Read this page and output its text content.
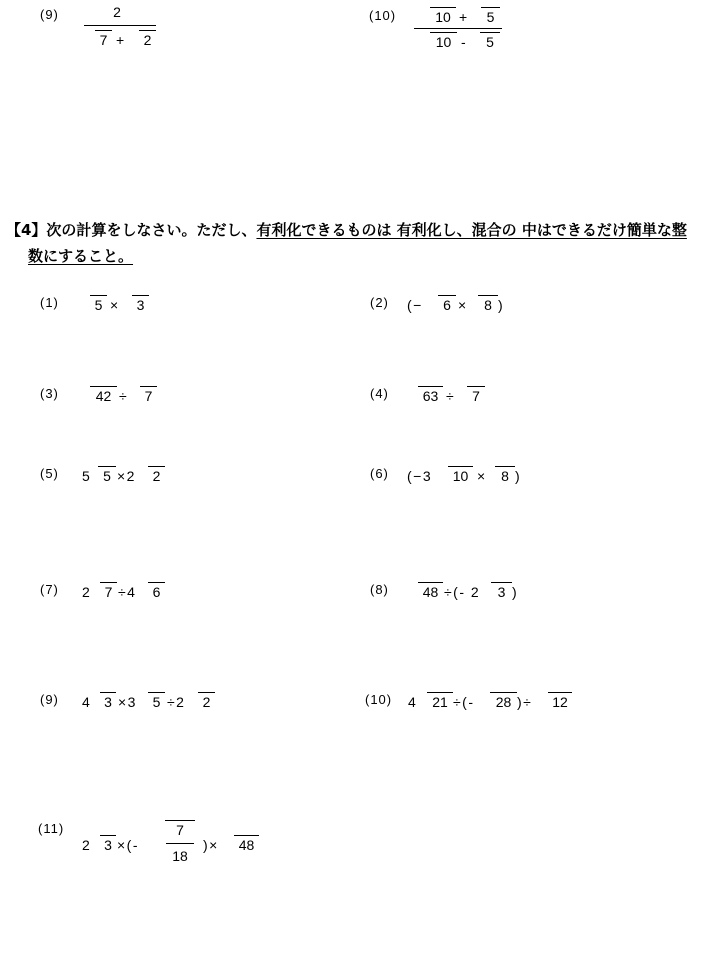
(9)	2
7 +	2
(10)	10 +	5
10 -	5
【4】次の計算をしなさい。ただし、有利化できるものは 有利化し、混合の 中はできるだけ簡単な整
数にすること。
(1)	5 ×	3	(2) (−	6 ×	8 )
(3)	42 ÷	7	(4)	63 ÷	7
(5) 5 5 ×2	2	(6) (−3	10 ×	8 )
(7) 2 7 ÷4	6	(8)	48 ÷(- 2	3 )
(9) 4 3 ×3	5 ÷2	2	(10) 4	21 ÷(-	28 )÷	12
(11)
2 3 ×(-	)×	48
7
18
